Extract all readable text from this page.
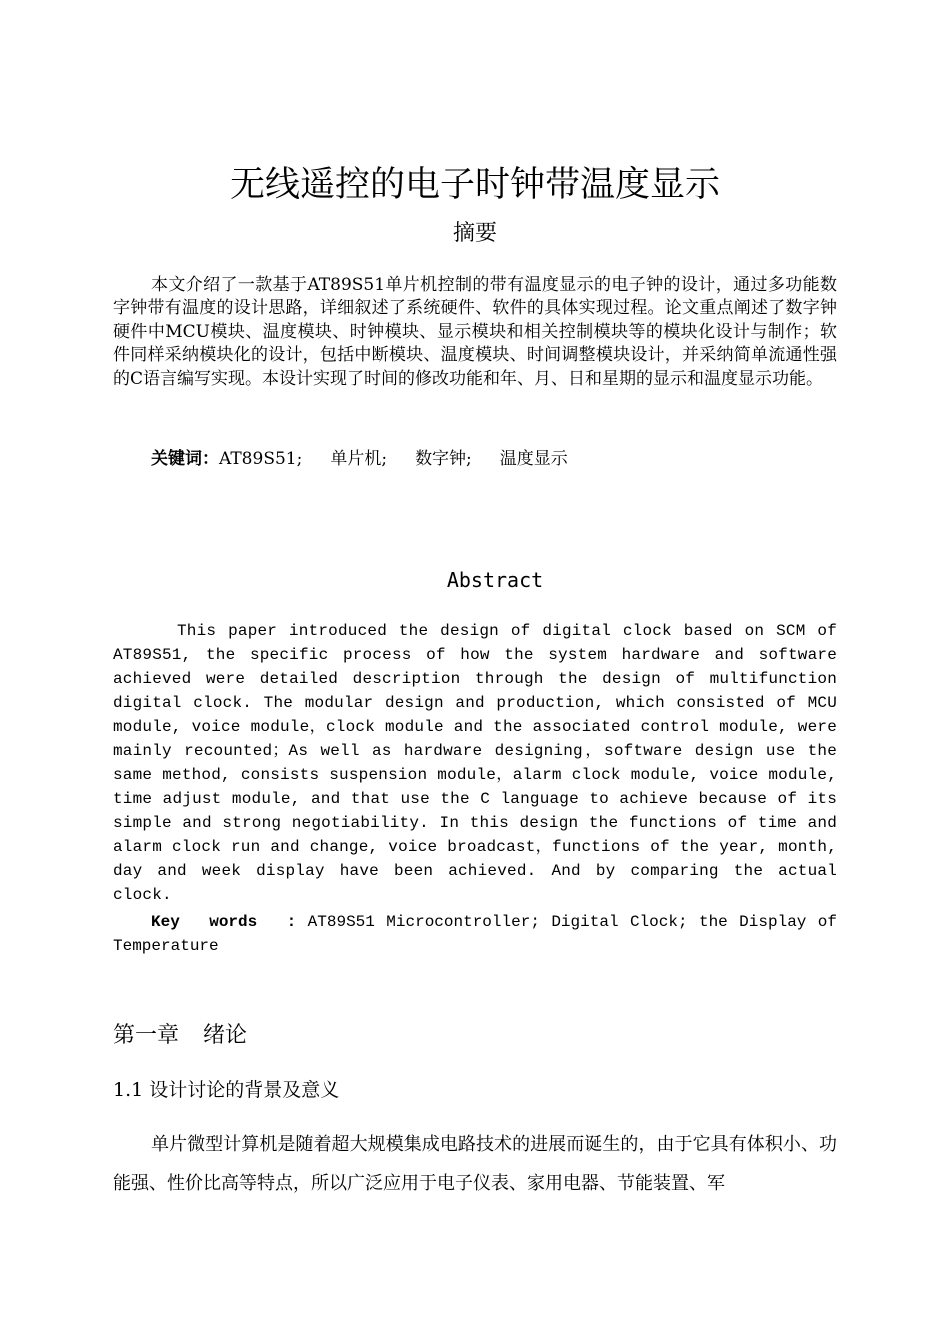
无线遥控的电子时钟带温度显示
摘要

本文介绍了一款基于AT89S51单片机控制的带有温度显示的电子钟的设计，通过多功能数字钟带有温度的设计思路，详细叙述了系统硬件、软件的具体实现过程。论文重点阐述了数字钟硬件中MCU模块、温度模块、时钟模块、显示模块和相关控制模块等的模块化设计与制作；软件同样采纳模块化的设计，包括中断模块、温度模块、时间调整模块设计，并采纳简单流通性强的C语言编写实现。本设计实现了时间的修改功能和年、月、日和星期的显示和温度显示功能。

关键词：AT89S51; 单片机; 数字钟; 温度显示
Abstract

This paper introduced the design of digital clock based on SCM of AT89S51, the specific process of how the system hardware and software achieved were detailed description through the design of multifunction digital clock. The modular design and production, which consisted of MCU module, voice module，clock module and the associated control module, were mainly recounted；As well as hardware designing，software design use the same method, consists suspension module，alarm clock module, voice module, time adjust module, and that use the C language to achieve because of its simple and strong negotiability. In this design the functions of time and alarm clock run and change, voice broadcast，functions of the year, month, day and week display have been achieved. And by comparing the actual clock.

Key words : AT89S51 Microcontroller; Digital Clock; the Display of Temperature
第一章 绪论
1.1 设计讨论的背景及意义

单片微型计算机是随着超大规模集成电路技术的进展而诞生的，由于它具有体积小、功能强、性价比高等特点，所以广泛应用于电子仪表、家用电器、节能装置、军
